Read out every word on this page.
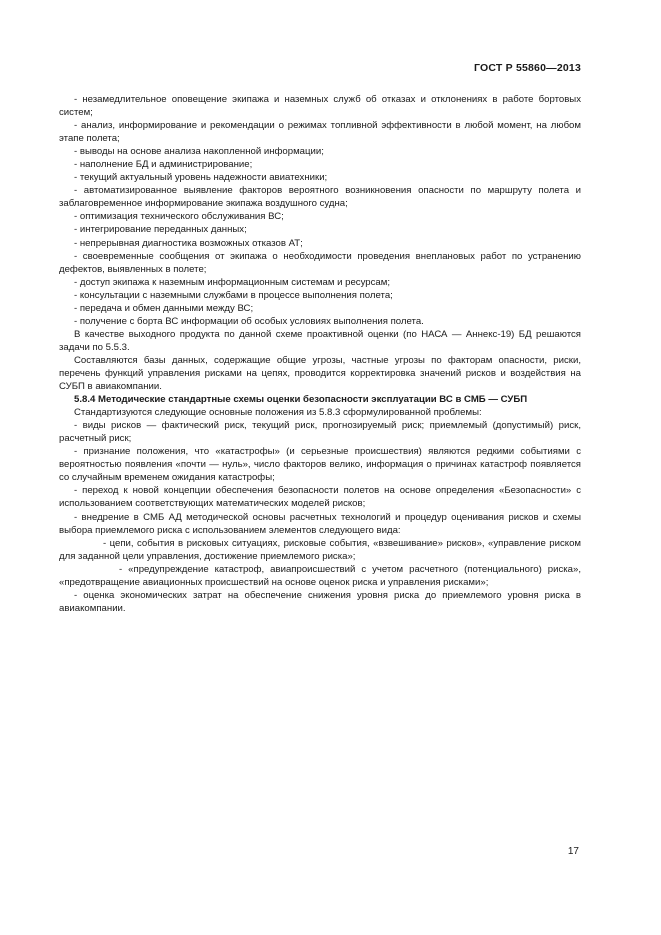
ГОСТ Р 55860—2013

- незамедлительное оповещение экипажа и наземных служб об отказах и отклонениях в работе бортовых систем;

- анализ, информирование и рекомендации о режимах топливной эффективности в любой момент, на любом этапе полета;

- выводы на основе анализа накопленной информации;

- наполнение БД и администрирование;

- текущий актуальный уровень надежности авиатехники;

- автоматизированное выявление факторов вероятного возникновения опасности по маршруту полета и заблаговременное информирование экипажа воздушного судна;

- оптимизация технического обслуживания ВС;

- интегрирование переданных данных;

- непрерывная диагностика возможных отказов АТ;

- своевременные сообщения от экипажа о необходимости проведения внеплановых работ по устранению дефектов, выявленных в полете;

- доступ экипажа к наземным информационным системам и ресурсам;

- консультации с наземными службами в процессе выполнения полета;

- передача и обмен данными между ВС;

- получение с борта ВС информации об особых условиях выполнения полета.

В качестве выходного продукта по данной схеме проактивной оценки (по НАСА — Аннекс-19) БД решаются задачи по 5.5.3.

Составляются базы данных, содержащие общие угрозы, частные угрозы по факторам опасности, риски, перечень функций управления рисками на цепях, проводится корректировка значений рисков и воздействия на СУБП в авиакомпании.

5.8.4 Методические стандартные схемы оценки безопасности эксплуатации ВС в СМБ — СУБП

Стандартизуются следующие основные положения из 5.8.3 сформулированной проблемы:

- виды рисков — фактический риск, текущий риск, прогнозируемый риск; приемлемый (допустимый) риск, расчетный риск;

- признание положения, что «катастрофы» (и серьезные происшествия) являются редкими событиями с вероятностью появления «почти — нуль», число факторов велико, информация о причинах катастроф появляется со случайным временем ожидания катастрофы;

- переход к новой концепции обеспечения безопасности полетов на основе определения «Безопасности» с использованием соответствующих математических моделей рисков;

- внедрение в СМБ АД методической основы расчетных технологий и процедур оценивания рисков и схемы выбора приемлемого риска с использованием элементов следующего вида:

- цепи, события в рисковых ситуациях, рисковые события, «взвешивание» рисков», «управление риском для заданной цели управления, достижение приемлемого риска»;

- «предупреждение катастроф, авиапроисшествий с учетом расчетного (потенциального) риска», «предотвращение авиационных происшествий на основе оценок риска и управления рисками»;

- оценка экономических затрат на обеспечение снижения уровня риска до приемлемого уровня риска в авиакомпании.

17
